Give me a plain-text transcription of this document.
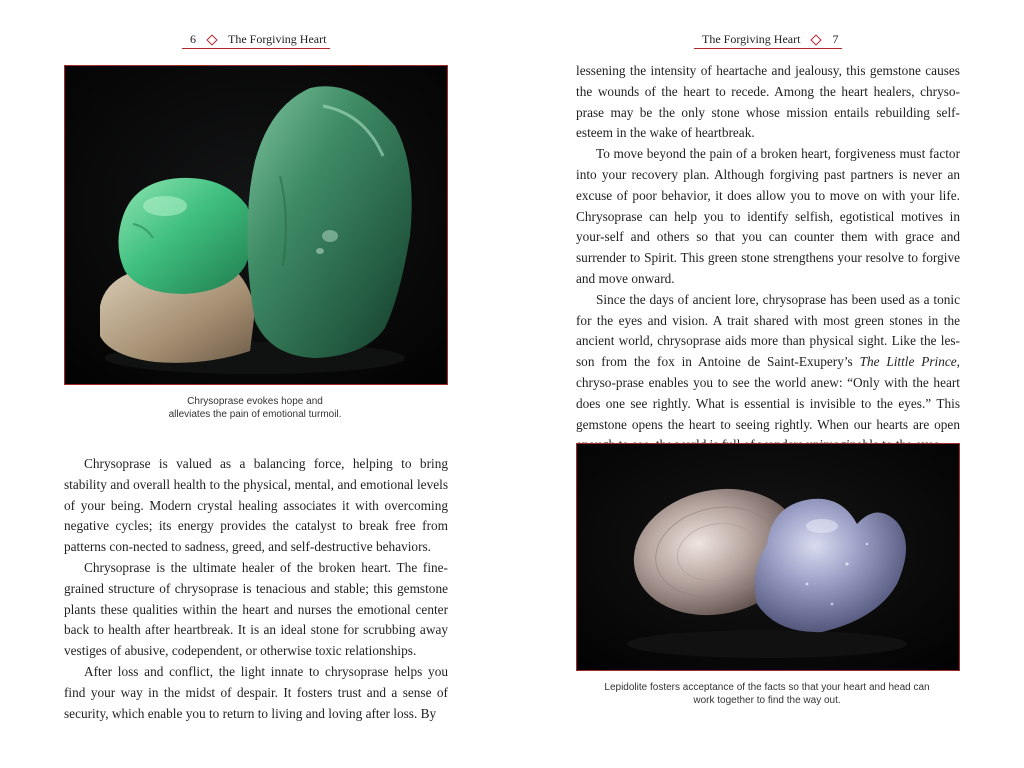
6	The Forgiving Heart
Chrysoprase evokes hope and
alleviates the pain of emotional turmoil.

Chrysoprase is valued as a balancing force, helping to bring stability and overall health to the physical, mental, and emotional levels of your being. Modern crystal healing associates it with overcoming negative cycles; its energy provides the catalyst to break free from patterns con-nected to sadness, greed, and self-destructive behaviors.

Chrysoprase is the ultimate healer of the broken heart. The fine-grained structure of chrysoprase is tenacious and stable; this gemstone plants these qualities within the heart and nurses the emotional center back to health after heartbreak. It is an ideal stone for scrubbing away vestiges of abusive, codependent, or otherwise toxic relationships.

After loss and conflict, the light innate to chrysoprase helps you find your way in the midst of despair. It fosters trust and a sense of security, which enable you to return to living and loving after loss. By

The Forgiving Heart	7

lessening the intensity of heartache and jealousy, this gemstone causes the wounds of the heart to recede. Among the heart healers, chryso-prase may be the only stone whose mission entails rebuilding self-esteem in the wake of heartbreak.

To move beyond the pain of a broken heart, forgiveness must factor into your recovery plan. Although forgiving past partners is never an excuse of poor behavior, it does allow you to move on with your life. Chrysoprase can help you to identify selfish, egotistical motives in your-self and others so that you can counter them with grace and surrender to Spirit. This green stone strengthens your resolve to forgive and move onward.

Since the days of ancient lore, chrysoprase has been used as a tonic for the eyes and vision. A trait shared with most green stones in the ancient world, chrysoprase aids more than physical sight. Like the les-son from the fox in Antoine de Saint-Exupery’s The Little Prince, chryso-prase enables you to see the world anew: “Only with the heart does one see rightly. What is essential is invisible to the eyes.” This gemstone opens the heart to seeing rightly. When our hearts are open

Lepidolite fosters acceptance of the facts so that your heart and head can
work together to find the way out.
